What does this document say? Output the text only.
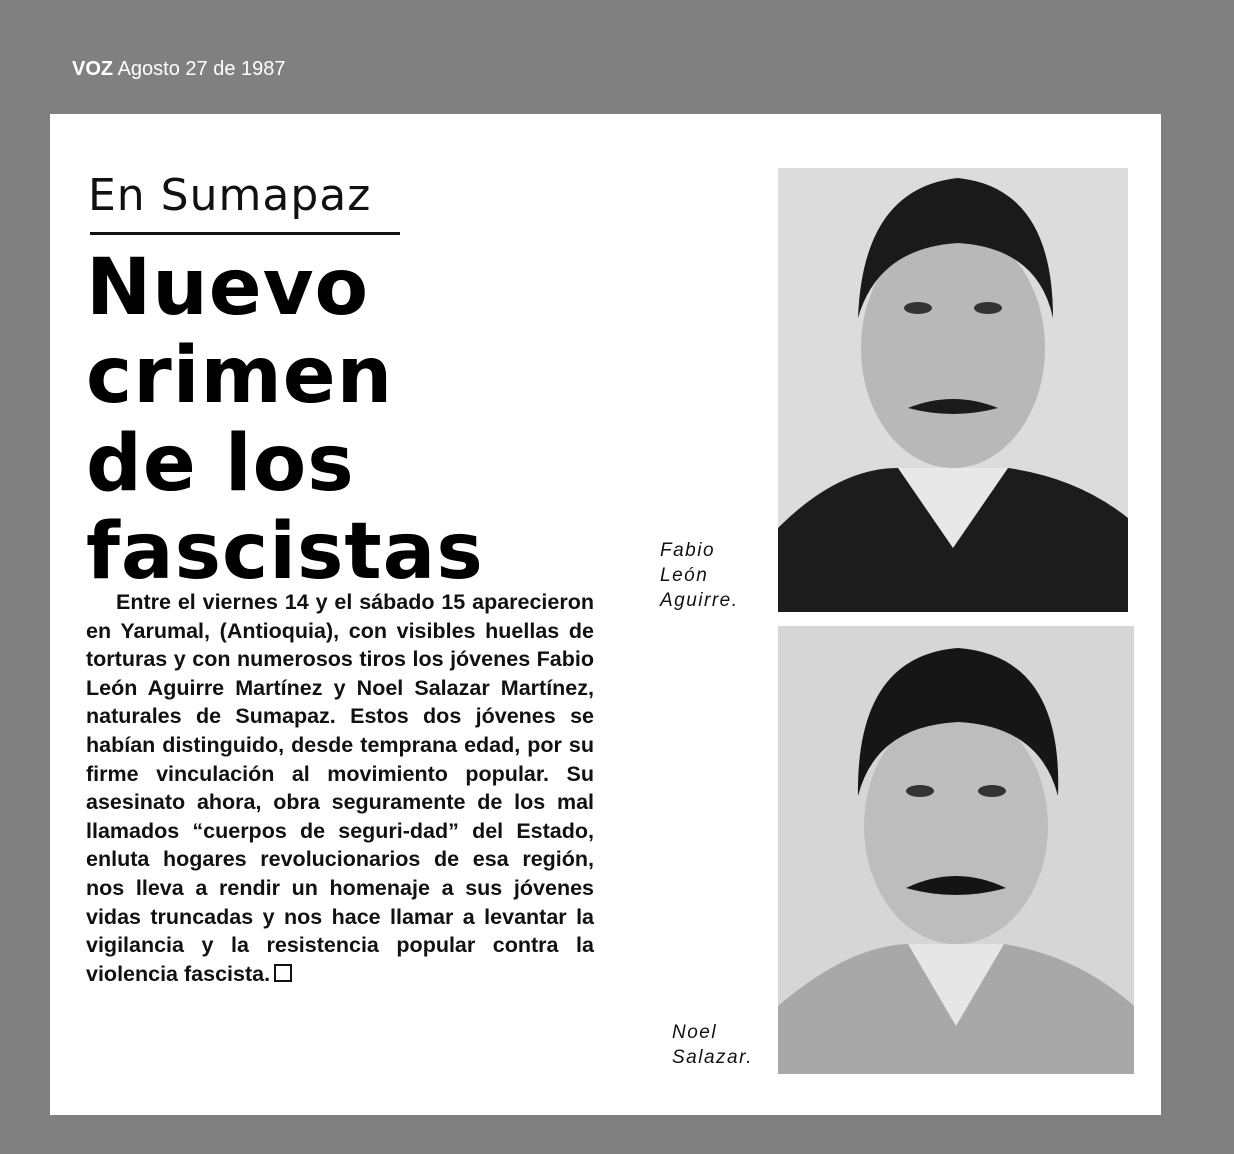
VOZ Agosto 27 de 1987
En Sumapaz
Nuevo
crimen
de los
fascistas

Entre el viernes 14 y el sábado 15 aparecieron en Yarumal, (Antioquia), con visibles huellas de torturas y con numerosos tiros los jóvenes Fabio León Aguirre Martínez y Noel Salazar Martínez, naturales de Sumapaz. Estos dos jóvenes se habían distinguido, desde temprana edad, por su firme vinculación al movimiento popular. Su asesinato ahora, obra seguramente de los mal llamados “cuerpos de seguri-dad” del Estado, enluta hogares revolucionarios de esa región, nos lleva a rendir un homenaje a sus jóvenes vidas truncadas y nos hace llamar a levantar la vigilancia y la resistencia popular contra la violencia fascista.

Fabio
León
Aguirre.
Noel
Salazar.
